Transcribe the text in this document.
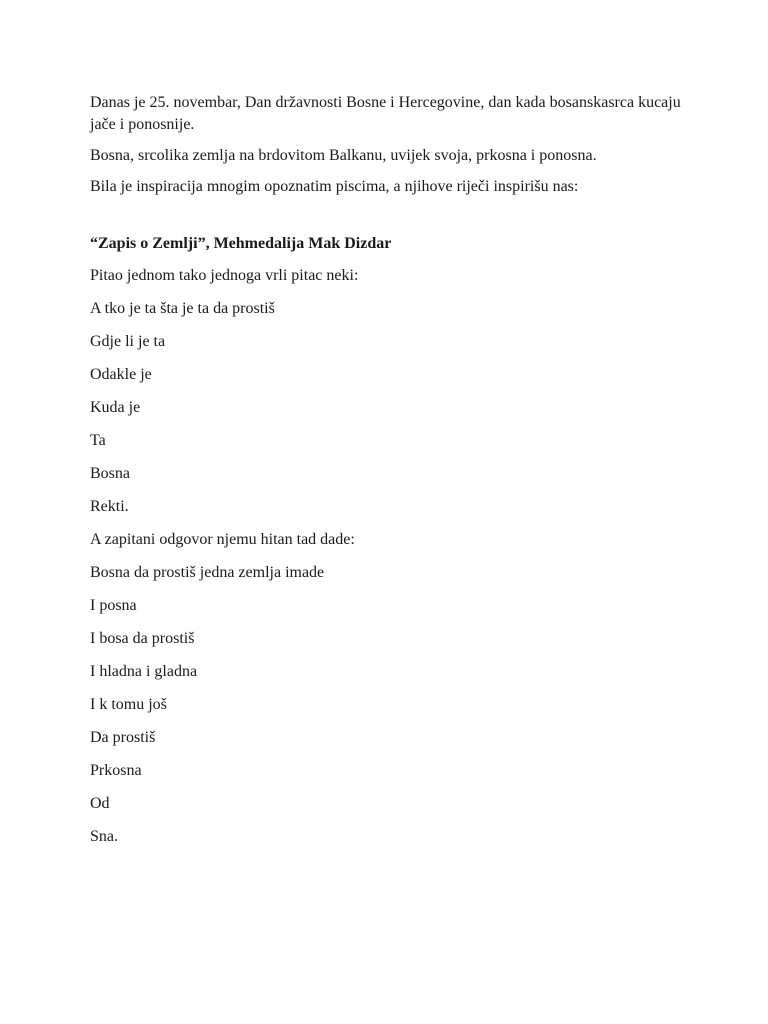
Danas je 25. novembar, Dan državnosti Bosne i Hercegovine, dan kada bosanskasrca kucaju jače i ponosnije.

Bosna, srcolika zemlja na brdovitom Balkanu, uvijek svoja, prkosna i ponosna.

Bila je inspiracija mnogim opoznatim piscima, a njihove riječi inspirišu nas:

“Zapis o Zemlji”, Mehmedalija Mak Dizdar
Pitao jednom tako jednoga vrli pitac neki:
A tko je ta šta je ta da prostiš
Gdje li je ta
Odakle je
Kuda je
Ta
Bosna
Rekti.
A zapitani odgovor njemu hitan tad dade:
Bosna da prostiš jedna zemlja imade
I posna
I bosa da prostiš
I hladna i gladna
I k tomu još
Da prostiš
Prkosna
Od
Sna.
